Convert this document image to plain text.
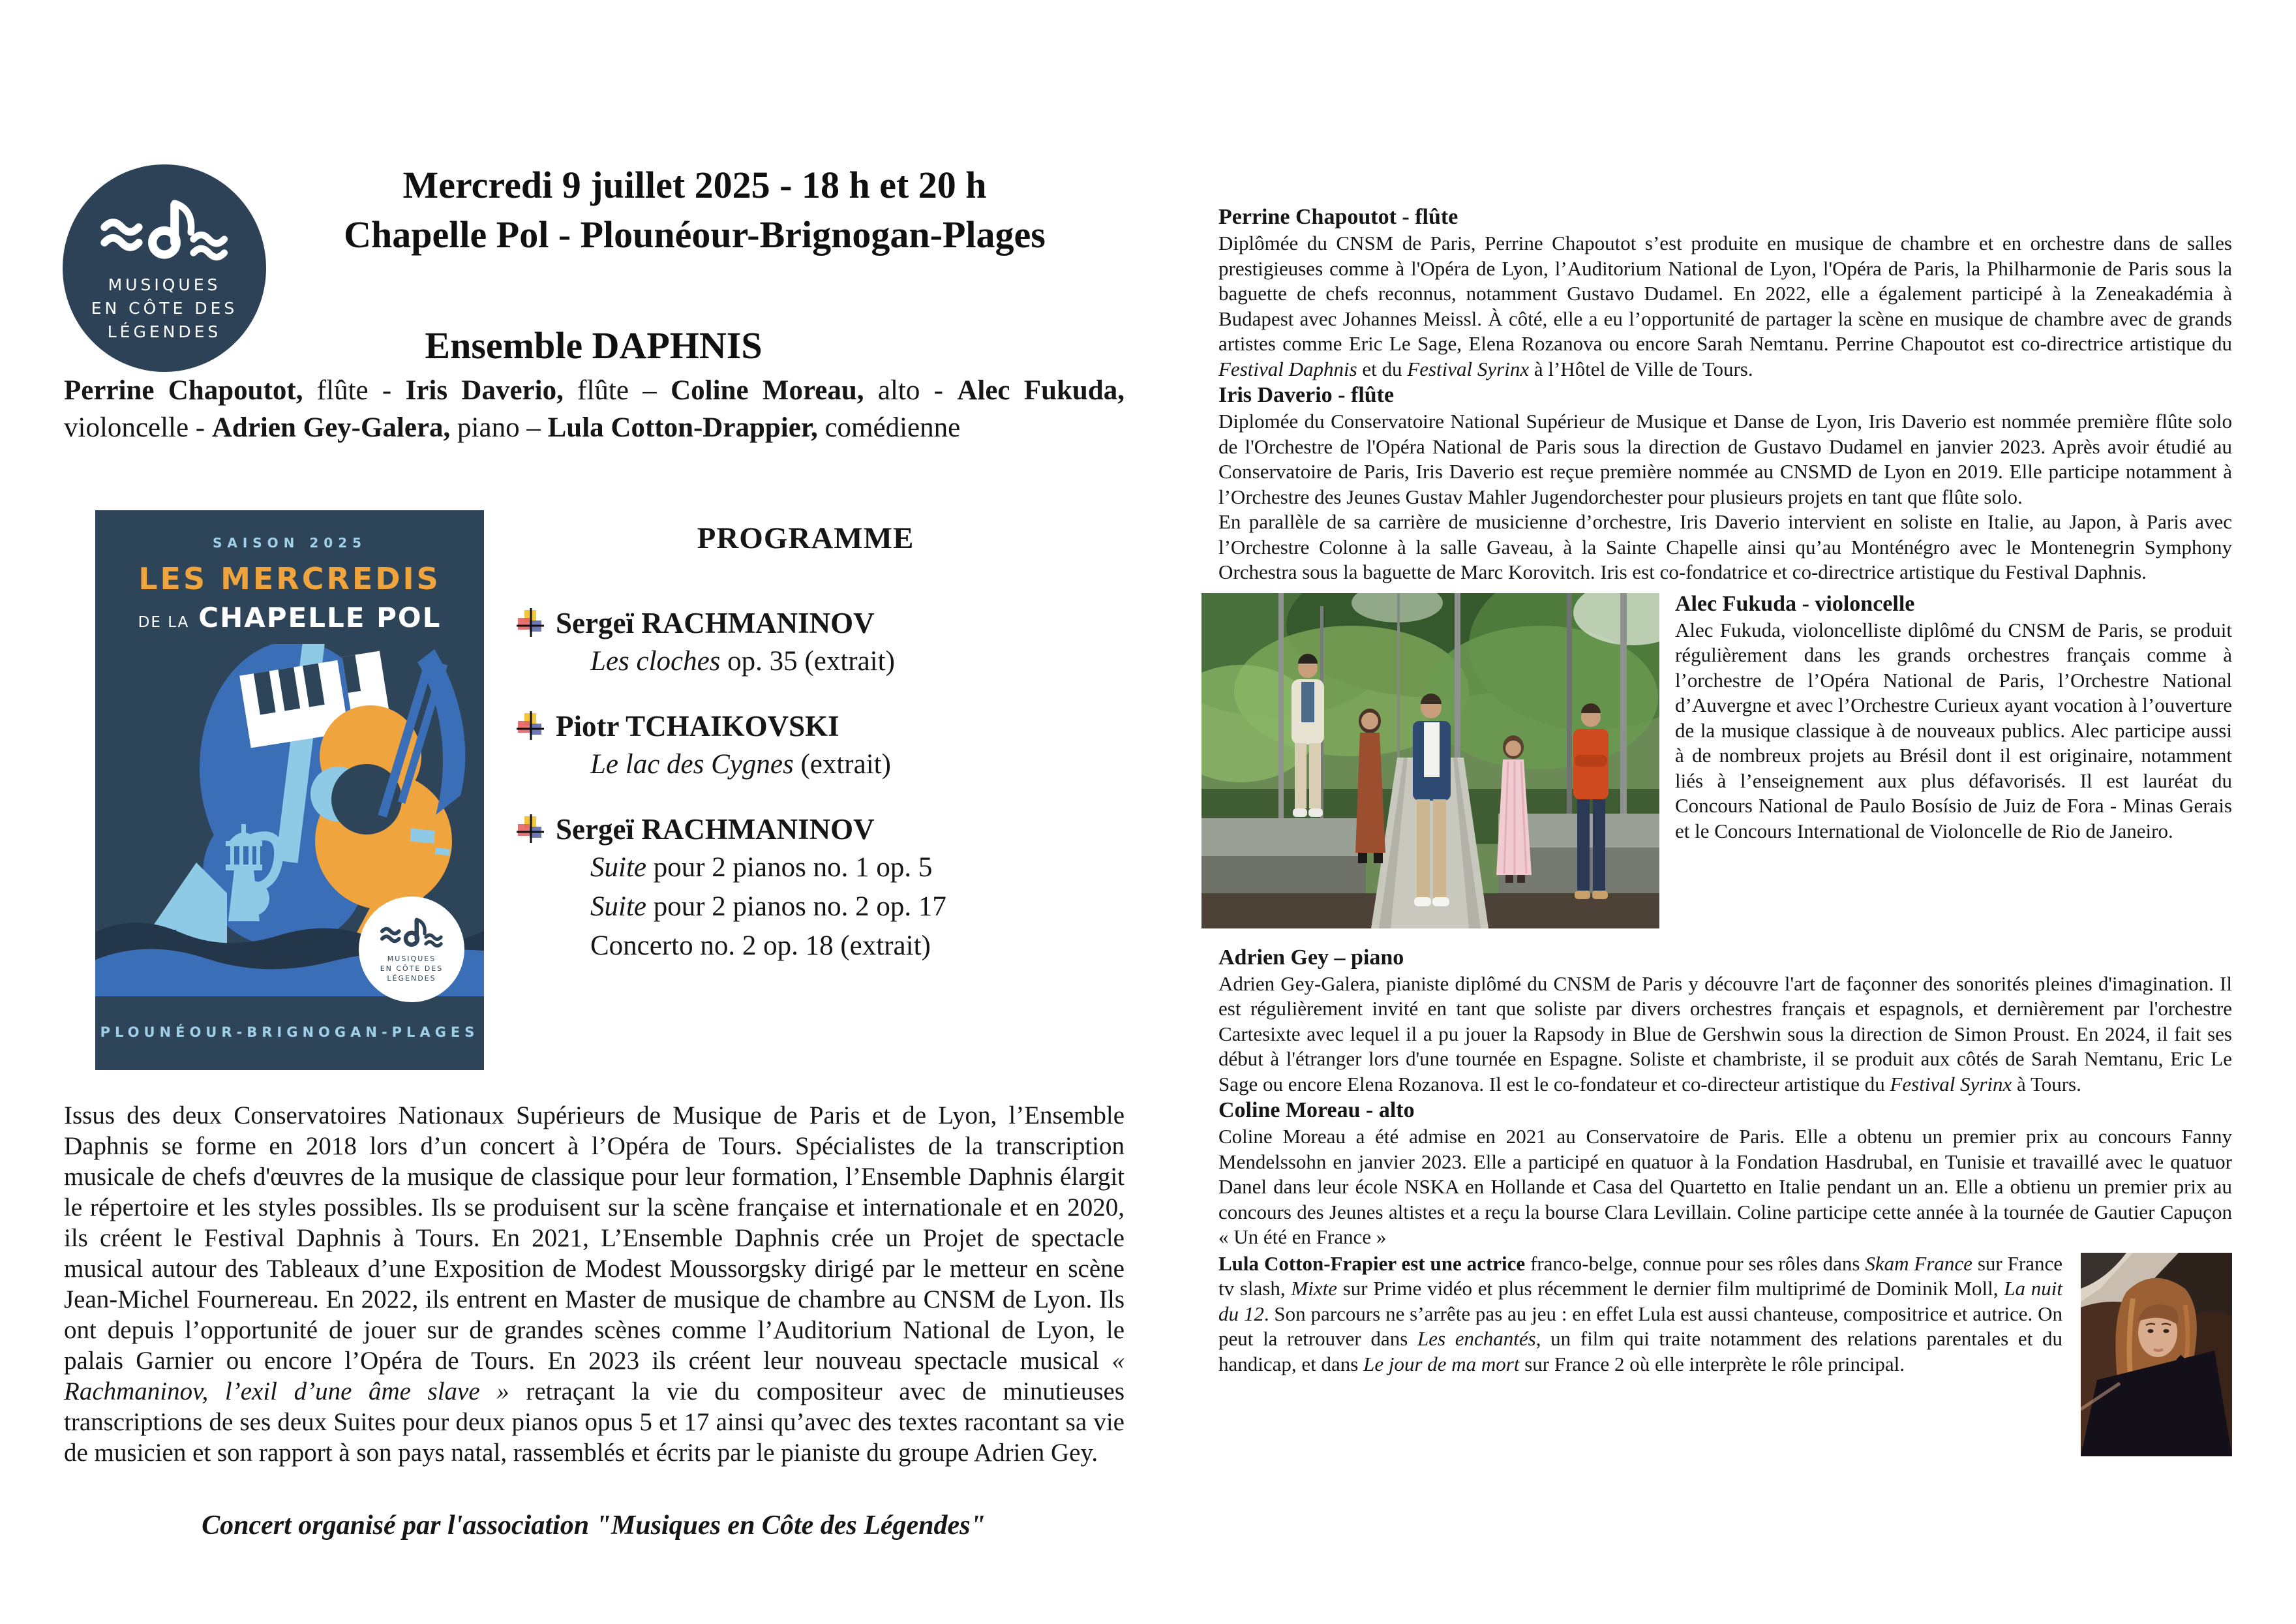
MUSIQUES
EN CÔTE DES
LÉGENDES
Mercredi 9 juillet 2025 - 18 h et 20 h
Chapelle Pol - Plounéour-Brignogan-Plages
Ensemble DAPHNIS
Perrine Chapoutot, flûte - Iris Daverio, flûte – Coline Moreau, alto - Alec Fukuda, violoncelle - Adrien Gey-Galera, piano – Lula Cotton-Drappier, comédienne
SAISON 2025
LES MERCREDIS
DE LA CHAPELLE POL
MUSIQUES
EN CÔTE DES
LÉGENDES
PLOUNÉOUR-BRIGNOGAN-PLAGES
PROGRAMME
Sergeï RACHMANINOV
Les cloches op. 35 (extrait)
Piotr TCHAIKOVSKI
Le lac des Cygnes (extrait)
Sergeï RACHMANINOV
Suite pour 2 pianos no. 1 op. 5
Suite pour 2 pianos no. 2 op. 17
Concerto no. 2 op. 18 (extrait)
Issus des deux Conservatoires Nationaux Supérieurs de Musique de Paris et de Lyon, l’Ensemble Daphnis se forme en 2018 lors d’un concert à l’Opéra de Tours. Spécialistes de la transcription musicale de chefs d'œuvres de la musique de classique pour leur formation, l’Ensemble Daphnis élargit le répertoire et les styles possibles. Ils se produisent sur la scène française et internationale et en 2020, ils créent le Festival Daphnis à Tours. En 2021, L’Ensemble Daphnis crée un Projet de spectacle musical autour des Tableaux d’une Exposition de Modest Moussorgsky dirigé par le metteur en scène Jean-Michel Fournereau. En 2022, ils entrent en Master de musique de chambre au CNSM de Lyon. Ils ont depuis l’opportunité de jouer sur de grandes scènes comme l’Auditorium National de Lyon, le palais Garnier ou encore l’Opéra de Tours. En 2023 ils créent leur nouveau spectacle musical « Rachmaninov, l’exil d’une âme slave » retraçant la vie du compositeur avec de minutieuses transcriptions de ses deux Suites pour deux pianos opus 5 et 17 ainsi qu’avec des textes racontant sa vie de musicien et son rapport à son pays natal, rassemblés et écrits par le pianiste du groupe Adrien Gey.
Concert organisé par l'association "Musiques en Côte des Légendes"
Perrine Chapoutot - flûte

Diplômée du CNSM de Paris, Perrine Chapoutot s’est produite en musique de chambre et en orchestre dans de salles prestigieuses comme à l'Opéra de Lyon, l’Auditorium National de Lyon, l'Opéra de Paris, la Philharmonie de Paris sous la baguette de chefs reconnus, notamment Gustavo Dudamel. En 2022, elle a également participé à la Zeneakadémia à Budapest avec Johannes Meissl. À côté, elle a eu l’opportunité de partager la scène en musique de chambre avec de grands artistes comme Eric Le Sage, Elena Rozanova ou encore Sarah Nemtanu. Perrine Chapoutot est co-directrice artistique du Festival Daphnis et du Festival Syrinx à l’Hôtel de Ville de Tours.

Iris Daverio - flûte

Diplomée du Conservatoire National Supérieur de Musique et Danse de Lyon, Iris Daverio est nommée première flûte solo de l'Orchestre de l'Opéra National de Paris sous la direction de Gustavo Dudamel en janvier 2023. Après avoir étudié au Conservatoire de Paris, Iris Daverio est reçue première nommée au CNSMD de Lyon en 2019. Elle participe notamment à l’Orchestre des Jeunes Gustav Mahler Jugendorchester pour plusieurs projets en tant que flûte solo.

En parallèle de sa carrière de musicienne d’orchestre, Iris Daverio intervient en soliste en Italie, au Japon, à Paris avec l’Orchestre Colonne à la salle Gaveau, à la Sainte Chapelle ainsi qu’au Monténégro avec le Montenegrin Symphony Orchestra sous la baguette de Marc Korovitch. Iris est co-fondatrice et co-directrice artistique du Festival Daphnis.

Alec Fukuda - violoncelle

Alec Fukuda, violoncelliste diplômé du CNSM de Paris, se produit régulièrement dans les grands orchestres français comme à l’orchestre de l’Opéra National de Paris, l’Orchestre National d’Auvergne et avec l’Orchestre Curieux ayant vocation à l’ouverture de la musique classique à de nouveaux publics. Alec participe aussi à de nombreux projets au Brésil dont il est originaire, notamment liés à l’enseignement aux plus défavorisés. Il est lauréat du Concours National de Paulo Bosísio de Juiz de Fora - Minas Gerais et le Concours International de Violoncelle de Rio de Janeiro.

Adrien Gey – piano

Adrien Gey-Galera, pianiste diplômé du CNSM de Paris y découvre l'art de façonner des sonorités pleines d'imagination. Il est régulièrement invité en tant que soliste par divers orchestres français et espagnols, et dernièrement par l'orchestre Cartesixte avec lequel il a pu jouer la Rapsody in Blue de Gershwin sous la direction de Simon Proust. En 2024, il fait ses début à l'étranger lors d'une tournée en Espagne. Soliste et chambriste, il se produit aux côtés de Sarah Nemtanu, Eric Le Sage ou encore Elena Rozanova. Il est le co-fondateur et co-directeur artistique du Festival Syrinx à Tours.

Coline Moreau - alto

Coline Moreau a été admise en 2021 au Conservatoire de Paris. Elle a obtenu un premier prix au concours Fanny Mendelssohn en janvier 2023. Elle a participé en quatuor à la Fondation Hasdrubal, en Tunisie et travaillé avec le quatuor Danel dans leur école NSKA en Hollande et Casa del Quartetto en Italie pendant un an. Elle a obtienu un premier prix au concours des Jeunes altistes et a reçu la bourse Clara Levillain. Coline participe cette année à la tournée de Gautier Capuçon « Un été en France »

Lula Cotton-Frapier est une actrice franco-belge, connue pour ses rôles dans Skam France sur France tv slash, Mixte sur Prime vidéo et plus récemment le dernier film multiprimé de Dominik Moll, La nuit du 12. Son parcours ne s’arrête pas au jeu : en effet Lula est aussi chanteuse, compositrice et autrice. On peut la retrouver dans Les enchantés, un film qui traite notamment des relations parentales et du handicap, et dans Le jour de ma mort sur France 2 où elle interprète le rôle principal.
